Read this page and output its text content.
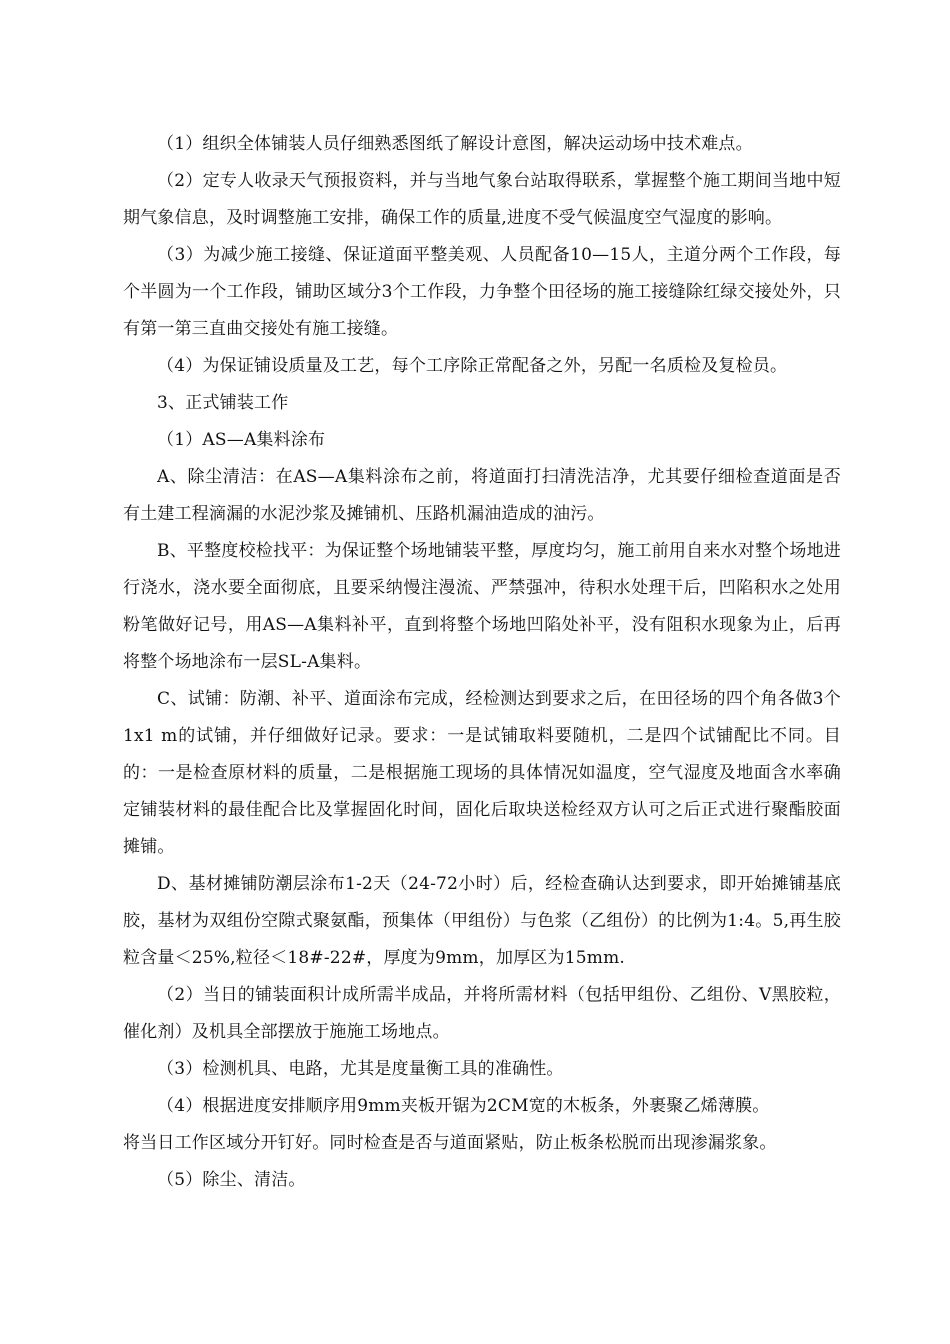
（1）组织全体铺装人员仔细熟悉图纸了解设计意图，解决运动场中技术难点。

（2）定专人收录天气预报资料，并与当地气象台站取得联系，掌握整个施工期间当地中短期气象信息，及时调整施工安排，确保工作的质量,进度不受气候温度空气湿度的影响。

（3）为减少施工接缝、保证道面平整美观、人员配备10—15人，主道分两个工作段，每个半圆为一个工作段，铺助区域分3个工作段，力争整个田径场的施工接缝除红绿交接处外，只有第一第三直曲交接处有施工接缝。

（4）为保证铺设质量及工艺，每个工序除正常配备之外，另配一名质检及复检员。

3、正式铺装工作

（1）AS—A集料涂布

A、除尘清洁：在AS—A集料涂布之前，将道面打扫清洗洁净，尤其要仔细检查道面是否有土建工程滴漏的水泥沙浆及摊铺机、压路机漏油造成的油污。

B、平整度校检找平：为保证整个场地铺装平整，厚度均匀，施工前用自来水对整个场地进行浇水，浇水要全面彻底，且要采纳慢注漫流、严禁强冲，待积水处理干后，凹陷积水之处用粉笔做好记号，用AS—A集料补平，直到将整个场地凹陷处补平，没有阻积水现象为止，后再将整个场地涂布一层SL-A集料。

C、试铺：防潮、补平、道面涂布完成，经检测达到要求之后，在田径场的四个角各做3个1x1 m的试铺，并仔细做好记录。要求：一是试铺取料要随机，二是四个试铺配比不同。目的：一是检查原材料的质量，二是根据施工现场的具体情况如温度，空气湿度及地面含水率确定铺装材料的最佳配合比及掌握固化时间，固化后取块送检经双方认可之后正式进行聚酯胶面摊铺。

D、基材摊铺防潮层涂布1-2天（24-72小时）后，经检查确认达到要求，即开始摊铺基底胶，基材为双组份空隙式聚氨酯，预集体（甲组份）与色浆（乙组份）的比例为1:4。5,再生胶粒含量＜25%,粒径＜18#-22#，厚度为9mm，加厚区为15mm.

（2）当日的铺装面积计成所需半成品，并将所需材料（包括甲组份、乙组份、V黑胶粒，催化剂）及机具全部摆放于施施工场地点。

（3）检测机具、电路，尤其是度量衡工具的准确性。

（4）根据进度安排顺序用9mm夹板开锯为2CM宽的木板条，外裹聚乙烯薄膜。

将当日工作区域分开钉好。同时检查是否与道面紧贴，防止板条松脱而出现渗漏浆象。

（5）除尘、清洁。
